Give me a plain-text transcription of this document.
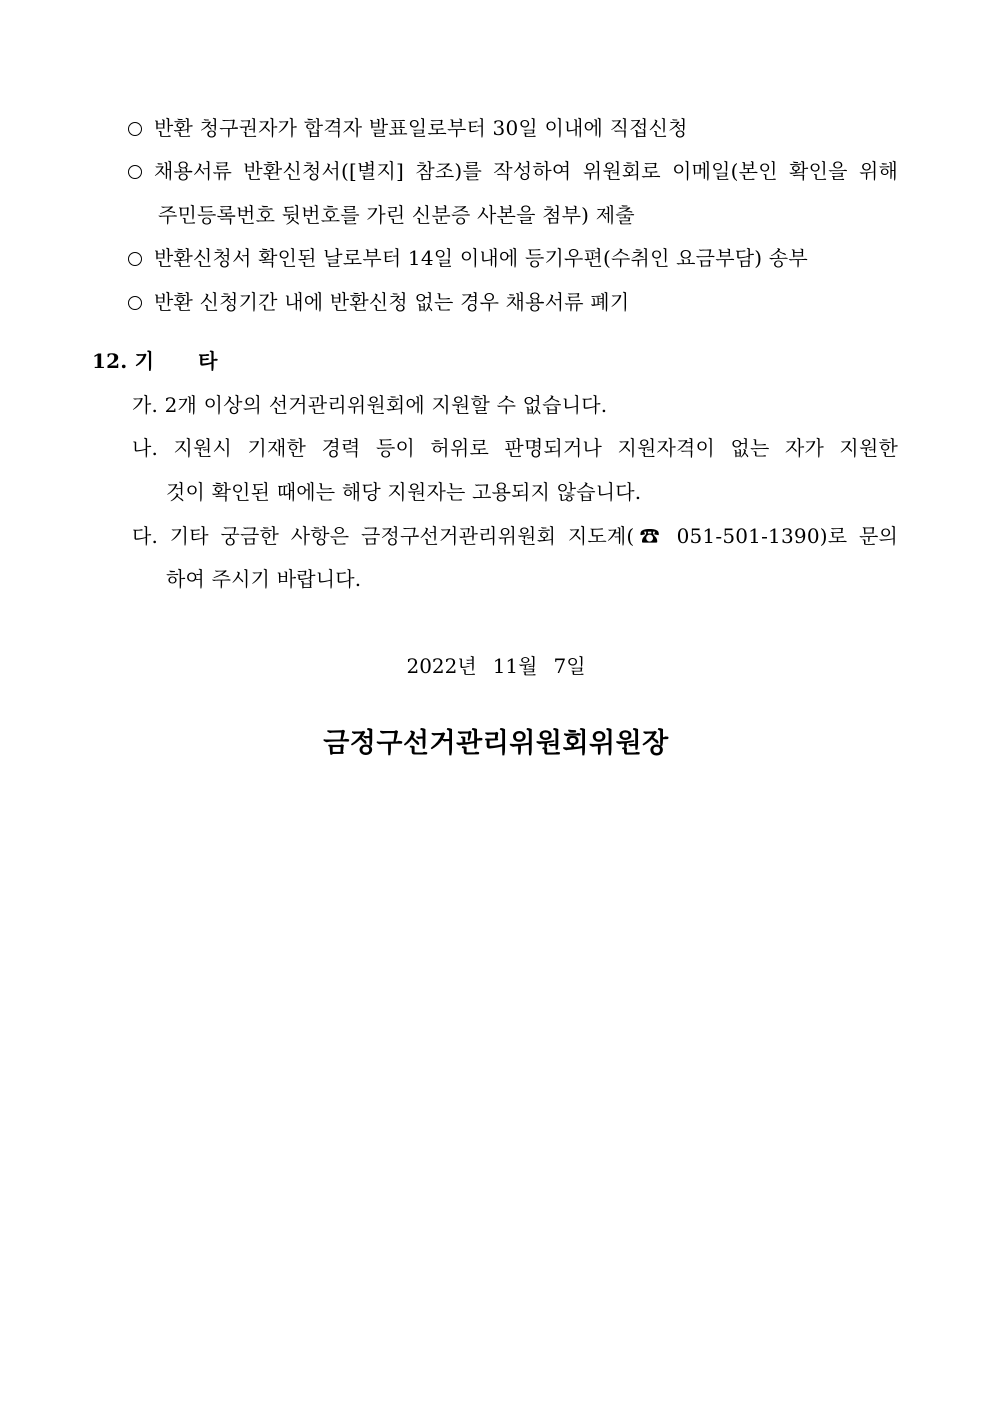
반환 청구권자가 합격자 발표일로부터 30일 이내에 직접신청
채용서류 반환신청서([별지] 참조)를 작성하여 위원회로 이메일(본인 확인을 위해
주민등록번호 뒷번호를 가린 신분증 사본을 첨부) 제출
반환신청서 확인된 날로부터 14일 이내에 등기우편(수취인 요금부담) 송부
반환 신청기간 내에 반환신청 없는 경우 채용서류 폐기
12. 기 타
가. 2개 이상의 선거관리위원회에 지원할 수 없습니다.
나. 지원시 기재한 경력 등이 허위로 판명되거나 지원자격이 없는 자가 지원한
것이 확인된 때에는 해당 지원자는 고용되지 않습니다.
다. 기타 궁금한 사항은 금정구선거관리위원회 지도계(☎ 051-501-1390)로 문의
하여 주시기 바랍니다.
2022년 11월 7일
금정구선거관리위원회위원장
